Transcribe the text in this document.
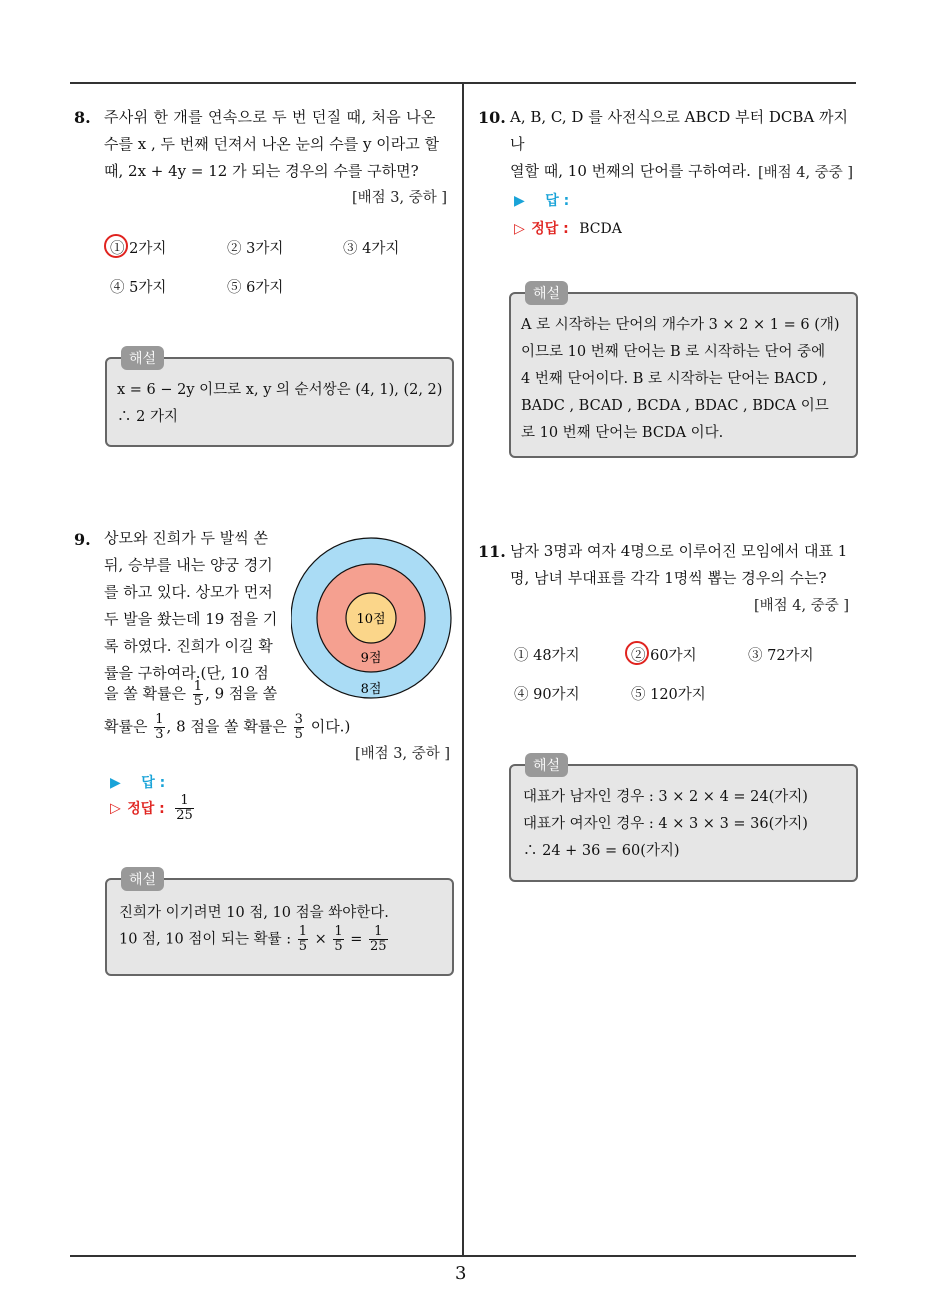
3
8. 주사위 한 개를 연속으로 두 번 던질 때, 처음 나온
수를 x , 두 번째 던져서 나온 눈의 수를 y 이라고 할
때, 2x + 4y = 12 가 되는 경우의 수를 구하면?
[배점 3, 중하 ]
① 2가지	② 3가지	③ 4가지
④ 5가지	⑤ 6가지
해설
x = 6 − 2y 이므로 x, y 의 순서쌍은 (4, 1), (2, 2)
∴ 2 가지
9. 상모와 진희가 두 발씩 쏜
뒤, 승부를 내는 양궁 경기
를 하고 있다. 상모가 먼저
두 발을 쐈는데 19 점을 기
록 하였다. 진희가 이길 확
률을 구하여라.(단, 10 점
을 쏠 확률은 $\frac{1}{5}$ , 9 점을 쏠
확률은 $\frac{1}{3}$ , 8 점을 쏠 확률은 $\frac{3}{5}$ 이다.)
10점
9점
8점
[배점 3, 중하 ]
▶ 답 :
▷ 정답 : $\frac{1}{25}$
해설
진희가 이기려면 10 점, 10 점을 쏴야한다.
10 점, 10 점이 되는 확률 : $\frac{1}{5} \times \frac{1}{5} = \frac{1}{25}$
10. A, B, C, D 를 사전식으로 ABCD 부터 DCBA 까지 나
열할 때, 10 번째의 단어를 구하여라. [배점 4, 중중 ]
▶ 답 :
▷ 정답 : BCDA
해설
A 로 시작하는 단어의 개수가 3 × 2 × 1 = 6 (개)
이므로 10 번째 단어는 B 로 시작하는 단어 중에
4 번째 단어이다. B 로 시작하는 단어는 BACD ,
BADC , BCAD , BCDA , BDAC , BDCA 이므
로 10 번째 단어는 BCDA 이다.
11. 남자 3명과 여자 4명으로 이루어진 모임에서 대표 1
명, 남녀 부대표를 각각 1명씩 뽑는 경우의 수는?
[배점 4, 중중 ]
① 48가지	② 60가지	③ 72가지
④ 90가지	⑤ 120가지
해설
대표가 남자인 경우 : 3 × 2 × 4 = 24(가지)
대표가 여자인 경우 : 4 × 3 × 3 = 36(가지)
∴ 24 + 36 = 60(가지)
